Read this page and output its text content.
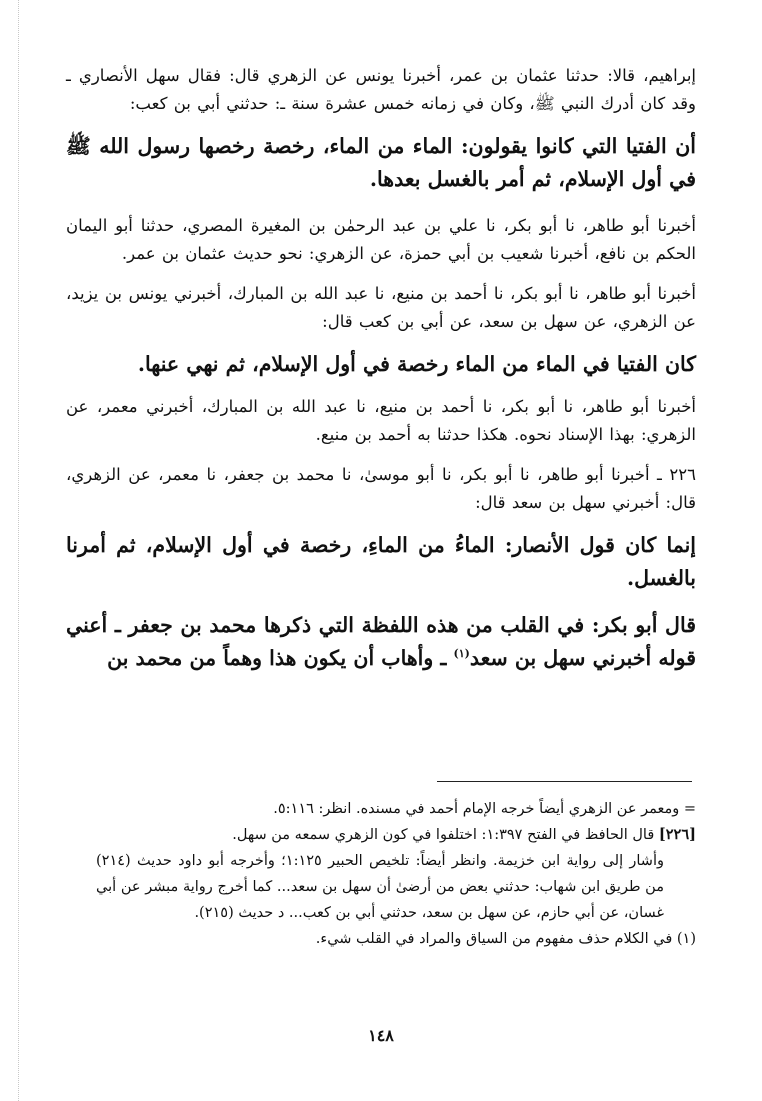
إبراهيم، قالا: حدثنا عثمان بن عمر، أخبرنا يونس عن الزهري قال: فقال سهل الأنصاري ـ وقد كان أدرك النبي ﷺ، وكان في زمانه خمس عشرة سنة ـ: حدثني أبي بن كعب:

أن الفتيا التي كانوا يقولون: الماء من الماء، رخصة رخصها رسول الله ﷺ في أول الإسلام، ثم أمر بالغسل بعدها.

أخبرنا أبو طاهر، نا أبو بكر، نا علي بن عبد الرحمٰن بن المغيرة المصري، حدثنا أبو اليمان الحكم بن نافع، أخبرنا شعيب بن أبي حمزة، عن الزهري: نحو حديث عثمان بن عمر.

أخبرنا أبو طاهر، نا أبو بكر، نا أحمد بن منيع، نا عبد الله بن المبارك، أخبرني يونس بن يزيد، عن الزهري، عن سهل بن سعد، عن أبي بن كعب قال:

كان الفتيا في الماء من الماء رخصة في أول الإسلام، ثم نهي عنها.

أخبرنا أبو طاهر، نا أبو بكر، نا أحمد بن منيع، نا عبد الله بن المبارك، أخبرني معمر، عن الزهري: بهذا الإسناد نحوه. هكذا حدثنا به أحمد بن منيع.

٢٢٦ ـ أخبرنا أبو طاهر، نا أبو بكر، نا أبو موسىٰ، نا محمد بن جعفر، نا معمر، عن الزهري، قال: أخبرني سهل بن سعد قال:

إنما كان قول الأنصار: الماءُ من الماءِ، رخصة في أول الإسلام، ثم أمرنا بالغسل.

قال أبو بكر: في القلب من هذه اللفظة التي ذكرها محمد بن جعفر ـ أعني قوله أخبرني سهل بن سعد$^{(١)}$ ـ وأهاب أن يكون هذا وهماً من محمد بن

= ومعمر عن الزهري أيضاً خرجه الإمام أحمد في مسنده. انظر: ٥:١١٦.

[٢٢٦] قال الحافظ في الفتح ١:٣٩٧: اختلفوا في كون الزهري سمعه من سهل.

وأشار إلى رواية ابن خزيمة. وانظر أيضاً: تلخيص الحبير ١:١٢٥؛ وأخرجه أبو داود حديث (٢١٤) من طريق ابن شهاب: حدثني بعض من أرضىٰ أن سهل بن سعد... كما أخرج رواية مبشر عن أبي غسان، عن أبي حازم، عن سهل بن سعد، حدثني أبي بن كعب... د حديث (٢١٥).

(١) في الكلام حذف مفهوم من السياق والمراد في القلب شيء.

١٤٨
